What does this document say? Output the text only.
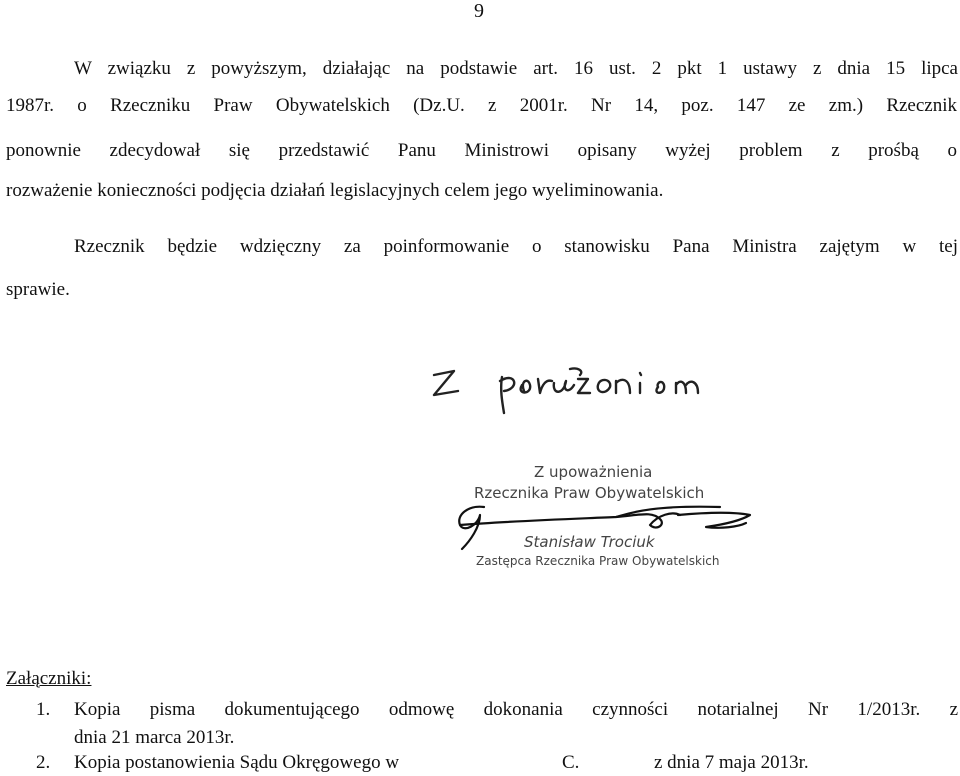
9
W związku z powyższym, działając na podstawie art. 16 ust. 2 pkt 1 ustawy z dnia 15 lipca
1987r. o Rzeczniku Praw Obywatelskich (Dz.U. z 2001r. Nr 14, poz. 147 ze zm.) Rzecznik
ponownie zdecydował się przedstawić Panu Ministrowi opisany wyżej problem z prośbą o
rozważenie konieczności podjęcia działań legislacyjnych celem jego wyeliminowania.
Rzecznik będzie wdzięczny za poinformowanie o stanowisku Pana Ministra zajętym w tej
sprawie.
Z upoważnienia
Rzecznika Praw Obywatelskich
Stanisław Trociuk
Zastępca Rzecznika Praw Obywatelskich
Załączniki:
1. Kopia pisma dokumentującego odmowę dokonania czynności notarialnej Nr 1/2013r. z
dnia 21 marca 2013r.
2. Kopia postanowienia Sądu Okręgowego w	C.	z dnia 7 maja 2013r.
